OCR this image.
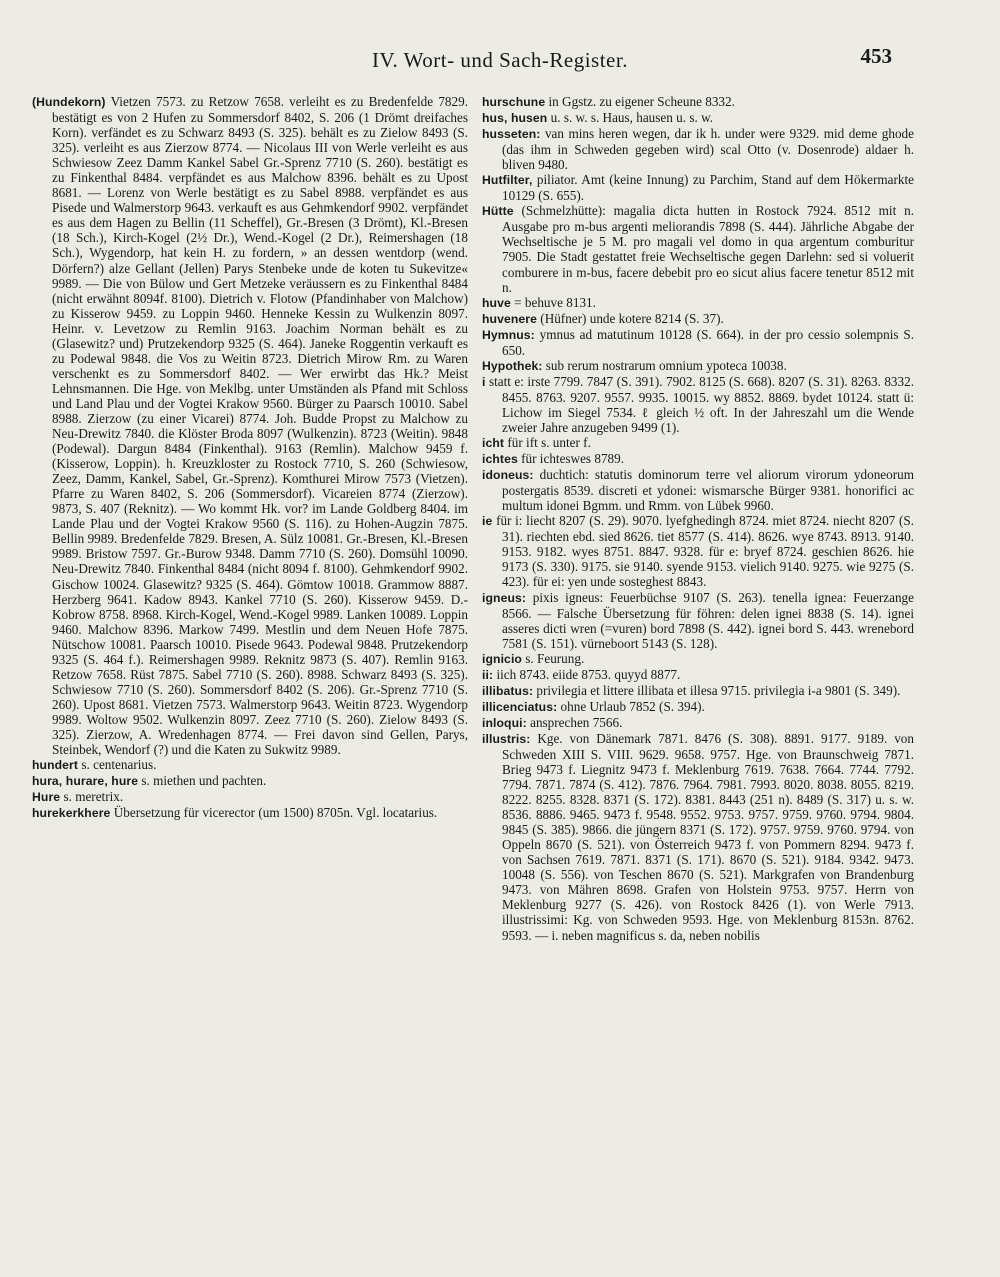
IV. Wort- und Sach-Register.	453

(Hundekorn) Vietzen 7573. zu Retzow 7658. verleiht es zu Bredenfelde 7829. bestätigt es von 2 Hufen zu Sommersdorf 8402, S. 206 (1 Drömt dreifaches Korn). verfändet es zu Schwarz 8493 (S. 325). behält es zu Zielow 8493 (S. 325). verleiht es aus Zierzow 8774. — Nicolaus III von Werle verleiht es aus Schwiesow Zeez Damm Kankel Sabel Gr.-Sprenz 7710 (S. 260). bestätigt es zu Finkenthal 8484. verpfändet es aus Malchow 8396. behält es zu Upost 8681. — Lorenz von Werle bestätigt es zu Sabel 8988. verpfändet es aus Pisede und Walmerstorp 9643. verkauft es aus Gehmkendorf 9902. verpfändet es aus dem Hagen zu Bellin (11 Scheffel), Gr.-Bresen (3 Drömt), Kl.-Bresen (18 Sch.), Kirch-Kogel (2½ Dr.), Wend.-Kogel (2 Dr.), Reimershagen (18 Sch.), Wygendorp, hat kein H. zu fordern, » an dessen wentdorp (wend. Dörfern?) alze Gellant (Jellen) Parys Stenbeke unde de koten tu Sukevitze« 9989. — Die von Bülow und Gert Metzeke veräussern es zu Finkenthal 8484 (nicht erwähnt 8094f. 8100). Dietrich v. Flotow (Pfandinhaber von Malchow) zu Kisserow 9459. zu Loppin 9460. Henneke Kessin zu Wulkenzin 8097. Heinr. v. Levetzow zu Remlin 9163. Joachim Norman behält es zu (Glasewitz? und) Prutzekendorp 9325 (S. 464). Janeke Roggentin verkauft es zu Podewal 9848. die Vos zu Weitin 8723. Dietrich Mirow Rm. zu Waren verschenkt es zu Sommersdorf 8402. — Wer erwirbt das Hk.? Meist Lehnsmannen. Die Hge. von Meklbg. unter Umständen als Pfand mit Schloss und Land Plau und der Vogtei Krakow 9560. Bürger zu Paarsch 10010. Sabel 8988. Zierzow (zu einer Vicarei) 8774. Joh. Budde Propst zu Malchow zu Neu-Drewitz 7840. die Klöster Broda 8097 (Wulkenzin). 8723 (Weitin). 9848 (Podewal). Dargun 8484 (Finkenthal). 9163 (Remlin). Malchow 9459 f. (Kisserow, Loppin). h. Kreuzkloster zu Rostock 7710, S. 260 (Schwiesow, Zeez, Damm, Kankel, Sabel, Gr.-Sprenz). Komthurei Mirow 7573 (Vietzen). Pfarre zu Waren 8402, S. 206 (Sommersdorf). Vicareien 8774 (Zierzow). 9873, S. 407 (Reknitz). — Wo kommt Hk. vor? im Lande Goldberg 8404. im Lande Plau und der Vogtei Krakow 9560 (S. 116). zu Hohen-Augzin 7875. Bellin 9989. Bredenfelde 7829. Bresen, A. Sülz 10081. Gr.-Bresen, Kl.-Bresen 9989. Bristow 7597. Gr.-Burow 9348. Damm 7710 (S. 260). Domsühl 10090. Neu-Drewitz 7840. Finkenthal 8484 (nicht 8094 f. 8100). Gehmkendorf 9902. Gischow 10024. Glasewitz? 9325 (S. 464). Gömtow 10018. Grammow 8887. Herzberg 9641. Kadow 8943. Kankel 7710 (S. 260). Kisserow 9459. D.-Kobrow 8758. 8968. Kirch-Kogel, Wend.-Kogel 9989. Lanken 10089. Loppin 9460. Malchow 8396. Markow 7499. Mestlin und dem Neuen Hofe 7875. Nütschow 10081. Paarsch 10010. Pisede 9643. Podewal 9848. Prutzekendorp 9325 (S. 464 f.). Reimershagen 9989. Reknitz 9873 (S. 407). Remlin 9163. Retzow 7658. Rüst 7875. Sabel 7710 (S. 260). 8988. Schwarz 8493 (S. 325). Schwiesow 7710 (S. 260). Sommersdorf 8402 (S. 206). Gr.-Sprenz 7710 (S. 260). Upost 8681. Vietzen 7573. Walmerstorp 9643. Weitin 8723. Wygendorp 9989. Woltow 9502. Wulkenzin 8097. Zeez 7710 (S. 260). Zielow 8493 (S. 325). Zierzow, A. Wredenhagen 8774. — Frei davon sind Gellen, Parys, Steinbek, Wendorf (?) und die Katen zu Sukwitz 9989.

hundert s. centenarius.

hura, hurare, hure s. miethen und pachten.

Hure s. meretrix.

hurekerkhere Übersetzung für vicerector (um 1500) 8705n. Vgl. locatarius.

hurschune in Ggstz. zu eigener Scheune 8332.

hus, husen u. s. w. s. Haus, hausen u. s. w.

husseten: van mins heren wegen, dar ik h. under were 9329. mid deme ghode (das ihm in Schweden gegeben wird) scal Otto (v. Dosenrode) aldaer h. bliven 9480.

Hutfilter, piliator. Amt (keine Innung) zu Parchim, Stand auf dem Hökermarkte 10129 (S. 655).

Hütte (Schmelzhütte): magalia dicta hutten in Rostock 7924. 8512 mit n. Ausgabe pro m-bus argenti meliorandis 7898 (S. 444). Jährliche Abgabe der Wechseltische je 5 M. pro magali vel domo in qua argentum comburitur 7905. Die Stadt gestattet freie Wechseltische gegen Darlehn: sed si voluerit comburere in m-bus, facere debebit pro eo sicut alius facere tenetur 8512 mit n.

huve = behuve 8131.

huvenere (Hüfner) unde kotere 8214 (S. 37).

Hymnus: ymnus ad matutinum 10128 (S. 664). in der pro cessio solempnis S. 650.

Hypothek: sub rerum nostrarum omnium ypoteca 10038.

i statt e: irste 7799. 7847 (S. 391). 7902. 8125 (S. 668). 8207 (S. 31). 8263. 8332. 8455. 8763. 9207. 9557. 9935. 10015. wy 8852. 8869. bydet 10124. statt ü: Lichow im Siegel 7534. ℓ gleich ½ oft. In der Jahreszahl um die Wende zweier Jahre anzugeben 9499 (1).

icht für ift s. unter f.

ichtes für ichteswes 8789.

idoneus: duchtich: statutis dominorum terre vel aliorum virorum ydoneorum postergatis 8539. discreti et ydonei: wismarsche Bürger 9381. honorifici ac multum idonei Bgmm. und Rmm. von Lübek 9960.

ie für i: liecht 8207 (S. 29). 9070. lyefghedingh 8724. miet 8724. niecht 8207 (S. 31). riechten ebd. sied 8626. tiet 8577 (S. 414). 8626. wye 8743. 8913. 9140. 9153. 9182. wyes 8751. 8847. 9328. für e: bryef 8724. geschien 8626. hie 9173 (S. 330). 9175. sie 9140. syende 9153. vielich 9140. 9275. wie 9275 (S. 423). für ei: yen unde sosteghest 8843.

igneus: pixis igneus: Feuerbüchse 9107 (S. 263). tenella ignea: Feuerzange 8566. — Falsche Übersetzung für föhren: delen ignei 8838 (S. 14). ignei asseres dicti wren (=vuren) bord 7898 (S. 442). ignei bord S. 443. wrenebord 7581 (S. 151). vürneboort 5143 (S. 128).

ignicio s. Feurung.

ii: iich 8743. eiide 8753. quyyd 8877.

illibatus: privilegia et littere illibata et illesa 9715. privilegia i-a 9801 (S. 349).

illicenciatus: ohne Urlaub 7852 (S. 394).

inloqui: ansprechen 7566.

illustris: Kge. von Dänemark 7871. 8476 (S. 308). 8891. 9177. 9189. von Schweden XIII S. VIII. 9629. 9658. 9757. Hge. von Braunschweig 7871. Brieg 9473 f. Liegnitz 9473 f. Meklenburg 7619. 7638. 7664. 7744. 7792. 7794. 7871. 7874 (S. 412). 7876. 7964. 7981. 7993. 8020. 8038. 8055. 8219. 8222. 8255. 8328. 8371 (S. 172). 8381. 8443 (251 n). 8489 (S. 317) u. s. w. 8536. 8886. 9465. 9473 f. 9548. 9552. 9753. 9757. 9759. 9760. 9794. 9804. 9845 (S. 385). 9866. die jüngern 8371 (S. 172). 9757. 9759. 9760. 9794. von Oppeln 8670 (S. 521). von Österreich 9473 f. von Pommern 8294. 9473 f. von Sachsen 7619. 7871. 8371 (S. 171). 8670 (S. 521). 9184. 9342. 9473. 10048 (S. 556). von Teschen 8670 (S. 521). Markgrafen von Brandenburg 9473. von Mähren 8698. Grafen von Holstein 9753. 9757. Herrn von Meklenburg 9277 (S. 426). von Rostock 8426 (1). von Werle 7913. illustrissimi: Kg. von Schweden 9593. Hge. von Meklenburg 8153n. 8762. 9593. — i. neben magnificus s. da, neben nobilis
